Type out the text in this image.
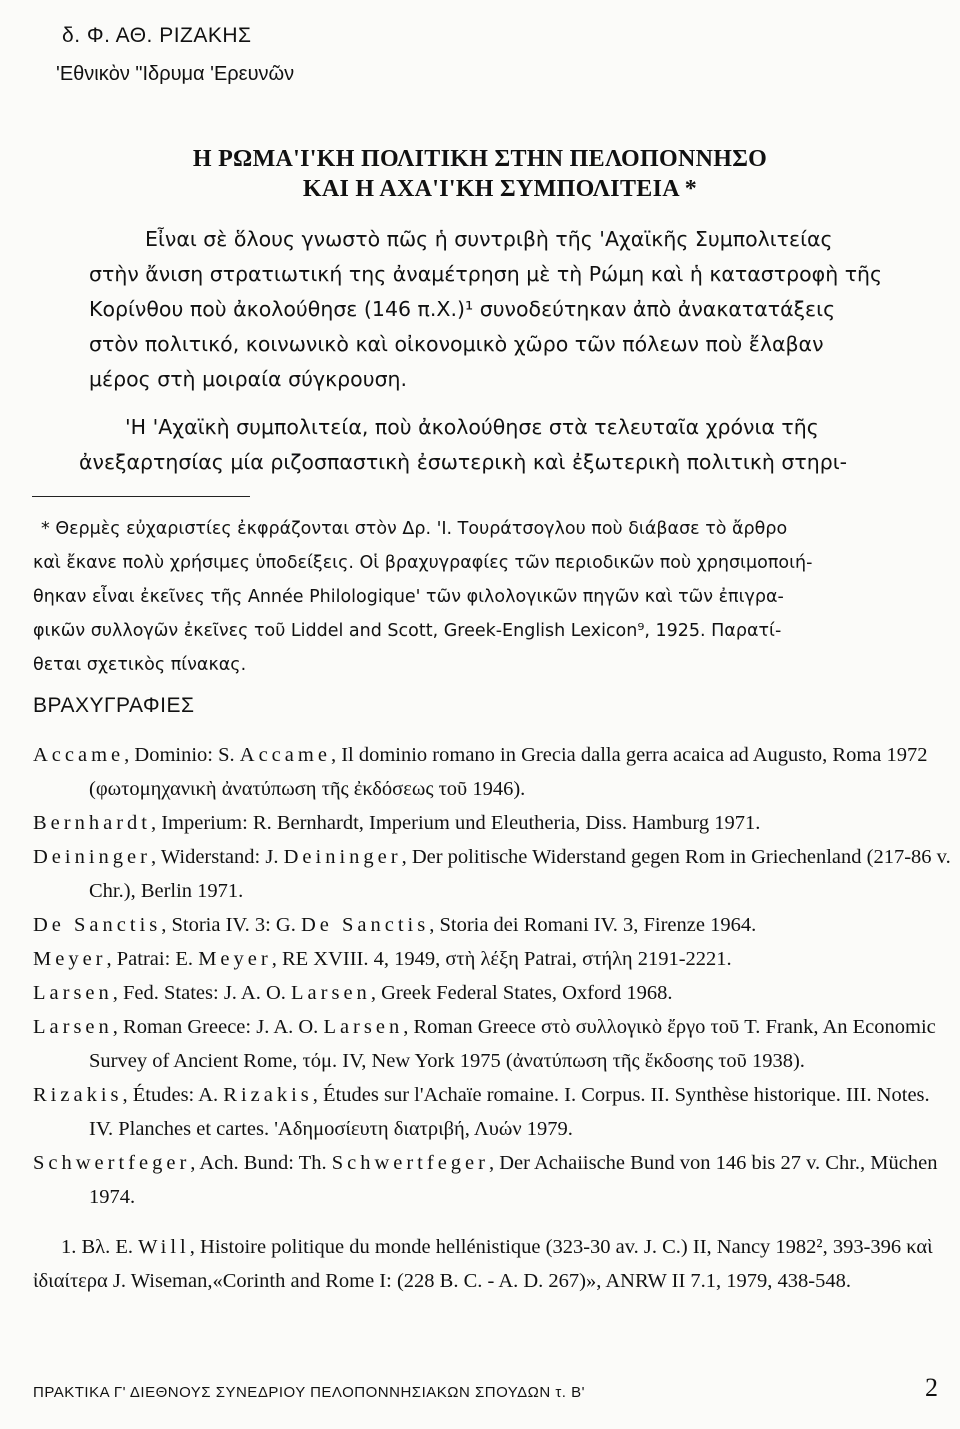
δ. Φ. ΑΘ. ΡΙΖΑΚΗΣ
'Εθνικὸν "Ιδρυμα 'Ερευνῶν
Η ΡΩΜΑ'Ι'ΚΗ ΠΟΛΙΤΙΚΗ ΣΤΗΝ ΠΕΛΟΠΟΝΝΗΣΟ
ΚΑΙ Η ΑΧΑ'Ι'ΚΗ ΣΥΜΠΟΛΙΤΕΙΑ *
Εἶναι σὲ ὅλους γνωστὸ πῶς ἡ συντριβὴ τῆς 'Αχαϊκῆς Συμπολιτείας
στὴν ἄνιση στρατιωτική της ἀναμέτρηση μὲ τὴ Ρώμη καὶ ἡ καταστροφὴ τῆς
Κορίνθου ποὺ ἀκολούθησε (146 π.Χ.)¹ συνοδεύτηκαν ἀπὸ ἀνακατατάξεις
στὸν πολιτικό, κοινωνικὸ καὶ οἰκονομικὸ χῶρο τῶν πόλεων ποὺ ἔλαβαν
μέρος στὴ μοιραία σύγκρουση.
'Η 'Αχαϊκὴ συμπολιτεία, ποὺ ἀκολούθησε στὰ τελευταῖα χρόνια τῆς
ἀνεξαρτησίας μία ριζοσπαστικὴ ἐσωτερικὴ καὶ ἐξωτερικὴ πολιτικὴ στηρι-
* Θερμὲς εὐχαριστίες ἐκφράζονται στὸν Δρ. 'Ι. Τουράτσογλου ποὺ διάβασε τὸ ἄρθρο
καὶ ἔκανε πολὺ χρήσιμες ὑποδείξεις. Οἱ βραχυγραφίες τῶν περιοδικῶν ποὺ χρησιμοποιή-
θηκαν εἶναι ἐκεῖνες τῆς Année Philologique' τῶν φιλολογικῶν πηγῶν καὶ τῶν ἐπιγρα-
φικῶν συλλογῶν ἐκεῖνες τοῦ Liddel and Scott, Greek-English Lexicon⁹, 1925. Παρατί-
θεται σχετικὸς πίνακας.
ΒΡΑΧΥΓΡΑΦΙΕΣ

Accame, Dominio: S. Accame, Il dominio romano in Grecia dalla gerra acaica ad Augusto, Roma 1972 (φωτομηχανικὴ ἀνατύπωση τῆς ἐκδόσεως τοῦ 1946).

Bernhardt, Imperium: R. Bernhardt, Imperium und Eleutheria, Diss. Hamburg 1971.

Deininger, Widerstand: J. Deininger, Der politische Widerstand gegen Rom in Griechenland (217-86 v. Chr.), Berlin 1971.

De Sanctis, Storia IV. 3: G. De Sanctis, Storia dei Romani IV. 3, Firenze 1964.

Meyer, Patrai: E. Meyer, RE XVIII. 4, 1949, στὴ λέξη Patrai, στήλη 2191-2221.

Larsen, Fed. States: J. A. O. Larsen, Greek Federal States, Oxford 1968.

Larsen, Roman Greece: J. A. O. Larsen, Roman Greece στὸ συλλογικὸ ἔργο τοῦ T. Frank, An Economic Survey of Ancient Rome, τόμ. IV, New York 1975 (ἀνατύπωση τῆς ἔκδοσης τοῦ 1938).

Rizakis, Études: A. Rizakis, Études sur l'Achaïe romaine. I. Corpus. II. Synthèse historique. III. Notes. IV. Planches et cartes. 'Αδημοσίευτη διατριβή, Λυών 1979.

Schwertfeger, Ach. Bund: Th. Schwertfeger, Der Achaiische Bund von 146 bis 27 v. Chr., Müchen 1974.

1. Βλ. E. Will, Histoire politique du monde hellénistique (323-30 av. J. C.) II, Nancy 1982², 393-396 καὶ ἰδιαίτερα J. Wiseman,«Corinth and Rome I: (228 B. C. - A. D. 267)», ANRW II 7.1, 1979, 438-548.
ΠΡΑΚΤΙΚΑ Γ' ΔΙΕΘΝΟΥΣ ΣΥΝΕΔΡΙΟΥ ΠΕΛΟΠΟΝΝΗΣΙΑΚΩΝ ΣΠΟΥΔΩΝ τ. Β'	2
